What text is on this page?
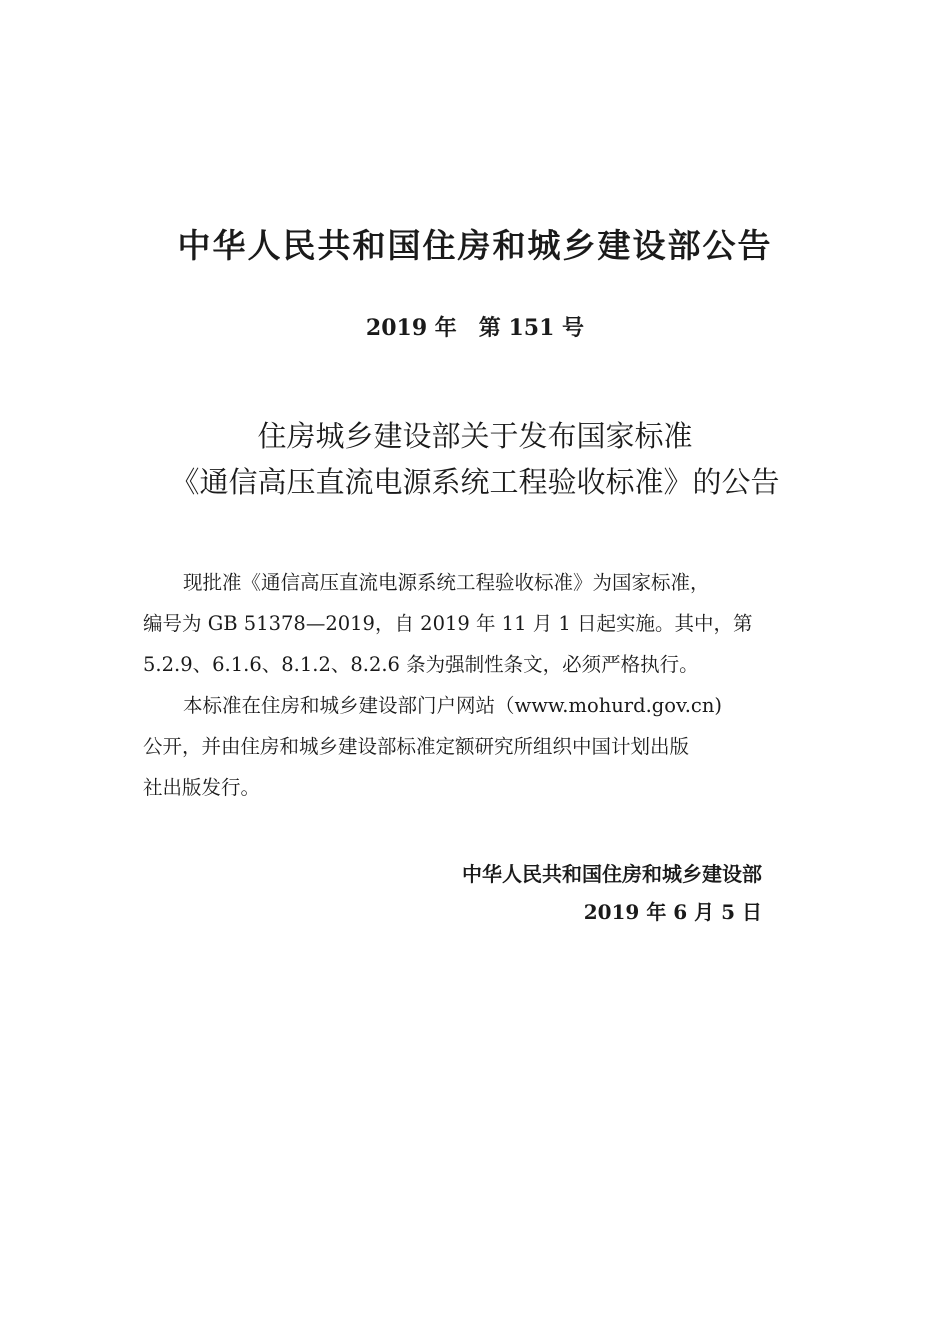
中华人民共和国住房和城乡建设部公告
2019 年　第 151 号
住房城乡建设部关于发布国家标准
《通信高压直流电源系统工程验收标准》的公告
现批准《通信高压直流电源系统工程验收标准》为国家标准，
编号为 GB 51378—2019，自 2019 年 11 月 1 日起实施。其中，第
5.2.9、6.1.6、8.1.2、8.2.6 条为强制性条文，必须严格执行。
本标准在住房和城乡建设部门户网站（www.mohurd.gov.cn)
公开，并由住房和城乡建设部标准定额研究所组织中国计划出版
社出版发行。
中华人民共和国住房和城乡建设部
2019 年 6 月 5 日
